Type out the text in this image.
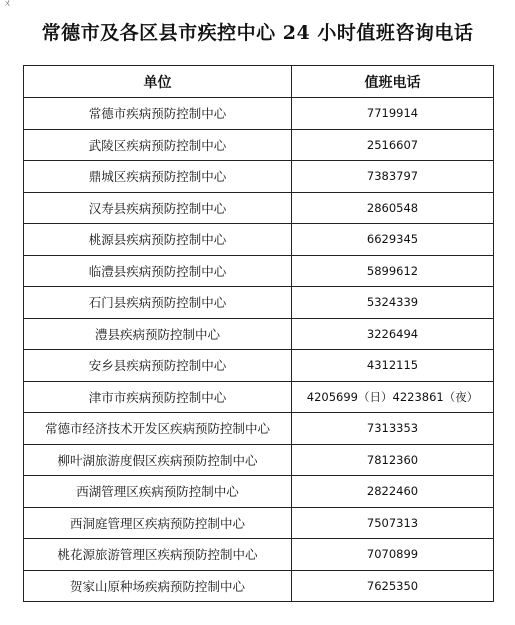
ㄨ
常德市及各区县市疾控中心 24 小时值班咨询电话
单位	值班电话
常德市疾病预防控制中心	7719914
武陵区疾病预防控制中心	2516607
鼎城区疾病预防控制中心	7383797
汉寿县疾病预防控制中心	2860548
桃源县疾病预防控制中心	6629345
临澧县疾病预防控制中心	5899612
石门县疾病预防控制中心	5324339
澧县疾病预防控制中心	3226494
安乡县疾病预防控制中心	4312115
津市市疾病预防控制中心	4205699（日）4223861（夜）
常德市经济技术开发区疾病预防控制中心	7313353
柳叶湖旅游度假区疾病预防控制中心	7812360
西湖管理区疾病预防控制中心	2822460
西洞庭管理区疾病预防控制中心	7507313
桃花源旅游管理区疾病预防控制中心	7070899
贺家山原种场疾病预防控制中心	7625350
